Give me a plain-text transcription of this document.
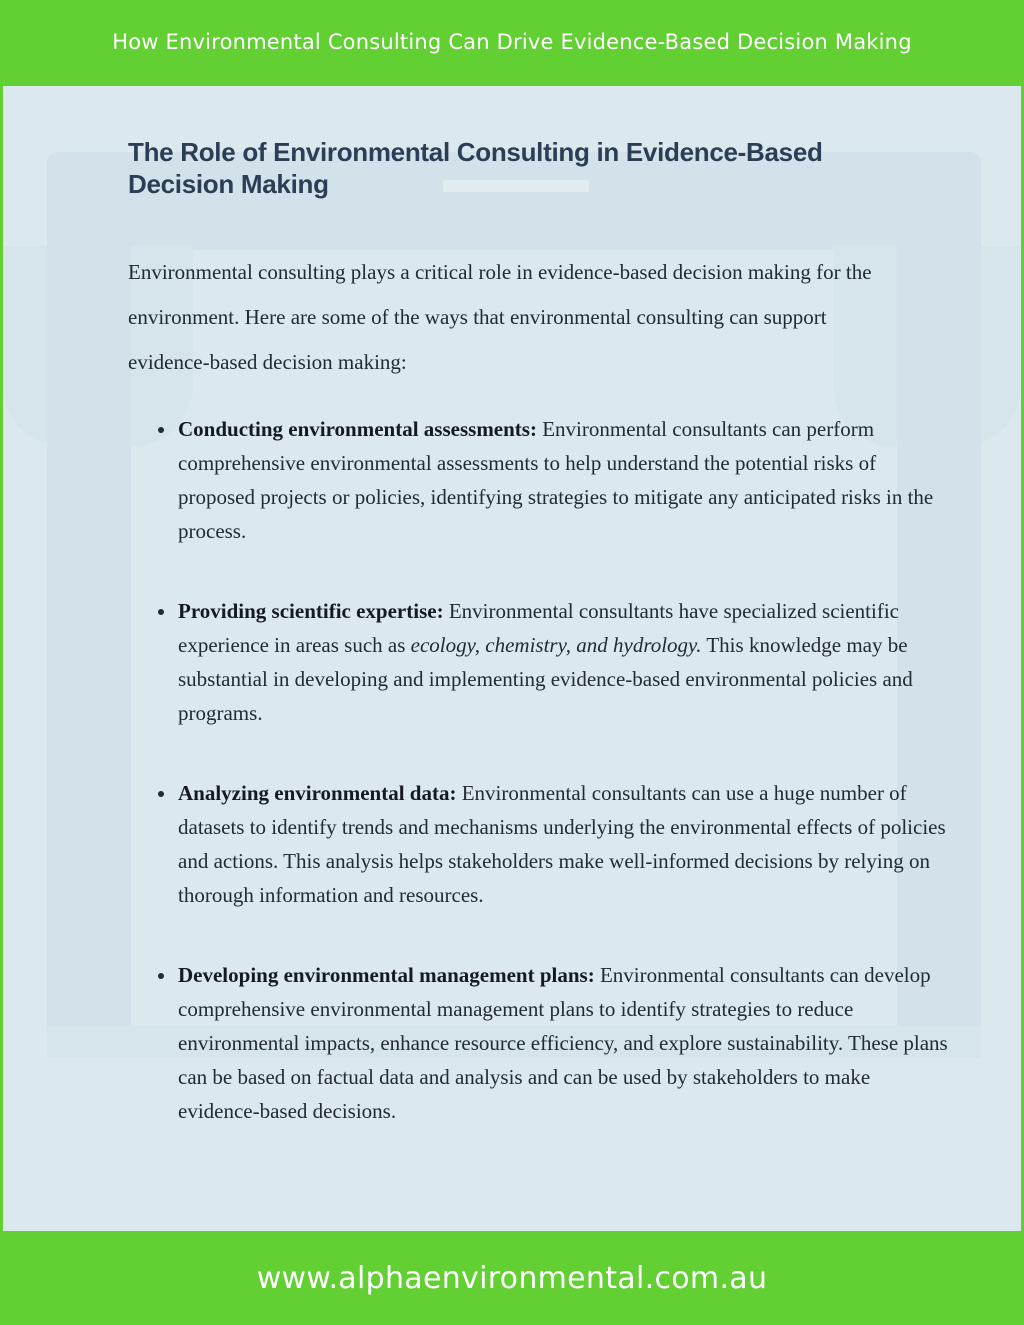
How Environmental Consulting Can Drive Evidence-Based Decision Making
The Role of Environmental Consulting in Evidence-Based Decision Making

Environmental consulting plays a critical role in evidence-based decision making for the environment. Here are some of the ways that environmental consulting can support evidence-based decision making:

Conducting environmental assessments: Environmental consultants can perform comprehensive environmental assessments to help understand the potential risks of proposed projects or policies, identifying strategies to mitigate any anticipated risks in the process.
Providing scientific expertise: Environmental consultants have specialized scientific experience in areas such as ecology, chemistry, and hydrology. This knowledge may be substantial in developing and implementing evidence-based environmental policies and programs.
Analyzing environmental data: Environmental consultants can use a huge number of datasets to identify trends and mechanisms underlying the environmental effects of policies and actions. This analysis helps stakeholders make well-informed decisions by relying on thorough information and resources.
Developing environmental management plans: Environmental consultants can develop comprehensive environmental management plans to identify strategies to reduce environmental impacts, enhance resource efficiency, and explore sustainability. These plans can be based on factual data and analysis and can be used by stakeholders to make evidence-based decisions.
www.alphaenvironmental.com.au
